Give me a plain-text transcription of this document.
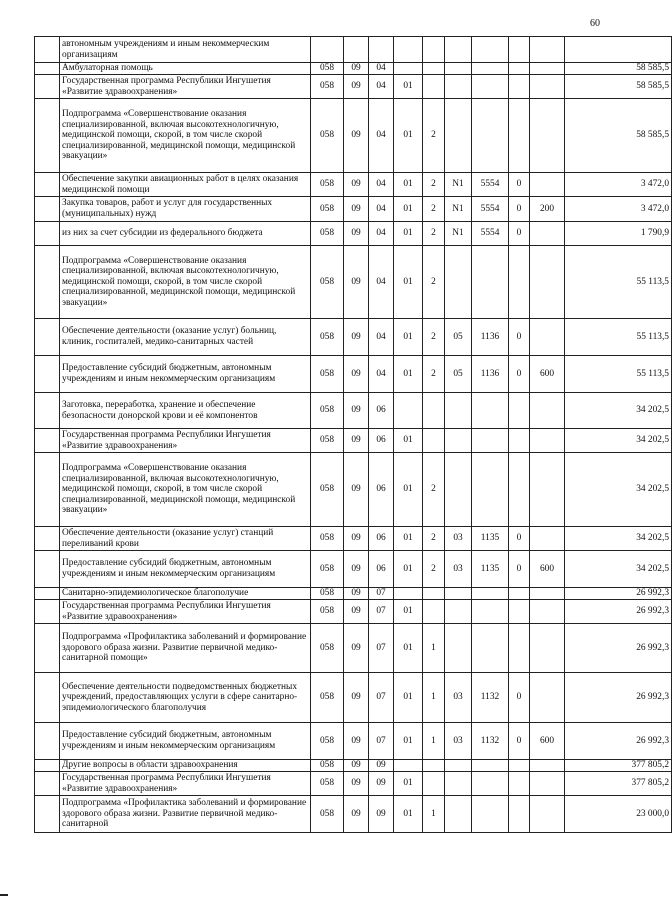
60
	автономным учреждениям и иным некоммерческим организациям										
	Амбулаторная помощь	058	09	04							58 585,5
	Государственная программа Республики Ингушетия «Развитие здравоохранения»	058	09	04	01						58 585,5
	Подпрограмма «Совершенствование оказания специализированной, включая высокотехнологичную, медицинской помощи, скорой, в том числе скорой специализированной, медицинской помощи, медицинской эвакуации»	058	09	04	01	2					58 585,5
	Обеспечение закупки авиационных работ в целях оказания медицинской помощи	058	09	04	01	2	N1	5554	0		3 472,0
	Закупка товаров, работ и услуг для государственных (муниципальных) нужд	058	09	04	01	2	N1	5554	0	200	3 472,0
	из них за счет субсидии из федерального бюджета	058	09	04	01	2	N1	5554	0		1 790,9
	Подпрограмма «Совершенствование оказания специализированной, включая высокотехнологичную, медицинской помощи, скорой, в том числе скорой специализированной, медицинской помощи, медицинской эвакуации»	058	09	04	01	2					55 113,5
	Обеспечение деятельности (оказание услуг) больниц, клиник, госпиталей, медико-санитарных частей	058	09	04	01	2	05	1136	0		55 113,5
	Предоставление субсидий бюджетным, автономным учреждениям и иным некоммерческим организациям	058	09	04	01	2	05	1136	0	600	55 113,5
	Заготовка, переработка, хранение и обеспечение безопасности донорской крови и её компонентов	058	09	06							34 202,5
	Государственная программа Республики Ингушетия «Развитие здравоохранения»	058	09	06	01						34 202,5
	Подпрограмма «Совершенствование оказания специализированной, включая высокотехнологичную, медицинской помощи, скорой, в том числе скорой специализированной, медицинской помощи, медицинской эвакуации»	058	09	06	01	2					34 202,5
	Обеспечение деятельности (оказание услуг) станций переливаний крови	058	09	06	01	2	03	1135	0		34 202,5
	Предоставление субсидий бюджетным, автономным учреждениям и иным некоммерческим организациям	058	09	06	01	2	03	1135	0	600	34 202,5
	Санитарно-эпидемиологическое благополучие	058	09	07							26 992,3
	Государственная программа Республики Ингушетия «Развитие здравоохранения»	058	09	07	01						26 992,3
	Подпрограмма «Профилактика заболеваний и формирование здорового образа жизни. Развитие первичной медико-санитарной помощи»	058	09	07	01	1					26 992,3
	Обеспечение деятельности подведомственных бюджетных учреждений, предоставляющих услуги в сфере санитарно-эпидемиологического благополучия	058	09	07	01	1	03	1132	0		26 992,3
	Предоставление субсидий бюджетным, автономным учреждениям и иным некоммерческим организациям	058	09	07	01	1	03	1132	0	600	26 992,3
	Другие вопросы в области здравоохранения	058	09	09							377 805,2
	Государственная программа Республики Ингушетия «Развитие здравоохранения»	058	09	09	01						377 805,2
	Подпрограмма «Профилактика заболеваний и формирование здорового образа жизни. Развитие первичной медико-санитарной	058	09	09	01	1					23 000,0
